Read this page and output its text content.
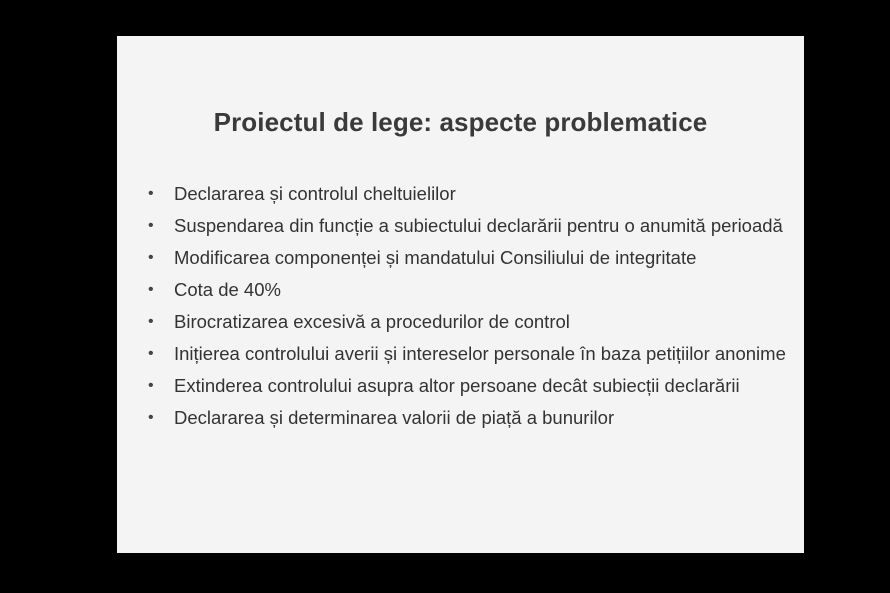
Proiectul de lege: aspecte problematice
• Declararea și controlul cheltuielilor
• Suspendarea din funcție a subiectului declarării pentru o anumită perioadă
• Modificarea componenței și mandatului Consiliului de integritate
• Cota de 40%
• Birocratizarea excesivă a procedurilor de control
• Inițierea controlului averii și intereselor personale în baza petițiilor anonime
• Extinderea controlului asupra altor persoane decât subiecții declarării
• Declararea și determinarea valorii de piață a bunurilor
